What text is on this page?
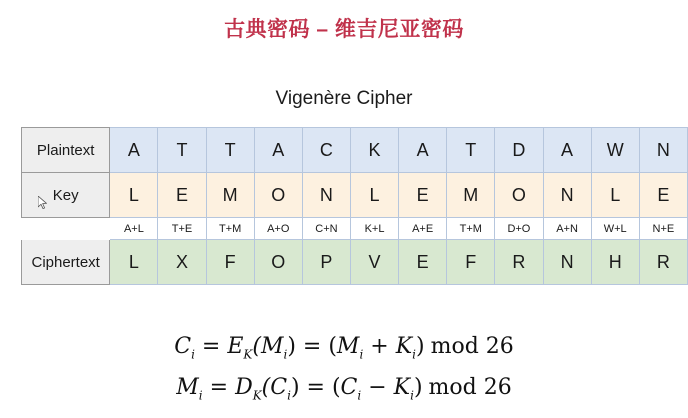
古典密码 – 维吉尼亚密码
Vigenère Cipher
Plaintext	A	T	T	A	C	K	A	T	D	A	W	N
Key	L	E	M	O	N	L	E	M	O	N	L	E
	A+L	T+E	T+M	A+O	C+N	K+L	A+E	T+M	D+O	A+N	W+L	N+E
Ciphertext	L	X	F	O	P	V	E	F	R	N	H	R
$C_i = E_K(M_i) = (M_i + K_i)$ mod 26
$M_i = D_K(C_i) = (C_i - K_i)$ mod 26
